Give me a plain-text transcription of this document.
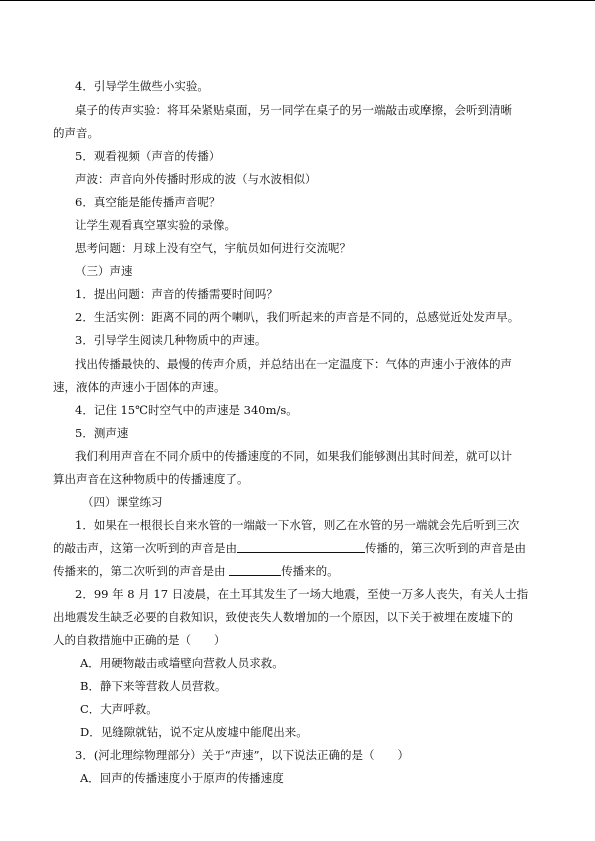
4．引导学生做些小实验。
桌子的传声实验：将耳朵紧贴桌面，另一同学在桌子的另一端敲击或摩擦，会听到清晰
的声音。
5．观看视频（声音的传播）
声波：声音向外传播时形成的波（与水波相似）
6．真空能是能传播声音呢？
让学生观看真空罩实验的录像。
思考问题：月球上没有空气，宇航员如何进行交流呢？
（三）声速
1．提出问题：声音的传播需要时间吗？
2．生活实例：距离不同的两个喇叭，我们听起来的声音是不同的，总感觉近处发声早。
3．引导学生阅读几种物质中的声速。
找出传播最快的、最慢的传声介质，并总结出在一定温度下：气体的声速小于液体的声
速，液体的声速小于固体的声速。
4．记住 15℃时空气中的声速是 340m/s。
5．测声速
我们利用声音在不同介质中的传播速度的不同，如果我们能够测出其时间差，就可以计
算出声音在这种物质中的传播速度了。
（四）课堂练习
1．如果在一根很长自来水管的一端敲一下水管，则乙在水管的另一端就会先后听到三次
的敲击声，这第一次听到的声音是由	传播的，第三次听到的声音是由
传播来的，第二次听到的声音是由	传播来的。
2．99 年 8 月 17 日凌晨，在土耳其发生了一场大地震，至使一万多人丧失，有关人士指
出地震发生缺乏必要的自救知识，致使丧失人数增加的一个原因，以下关于被埋在废墟下的
人的自救措施中正确的是（　　）
A．用硬物敲击或墙壁向营救人员求救。
B．静下来等营救人员营救。
C．大声呼救。
D．见缝隙就钻，说不定从废墟中能爬出来。
3．(河北理综物理部分）关于“声速”，以下说法正确的是（　　）
A．回声的传播速度小于原声的传播速度
